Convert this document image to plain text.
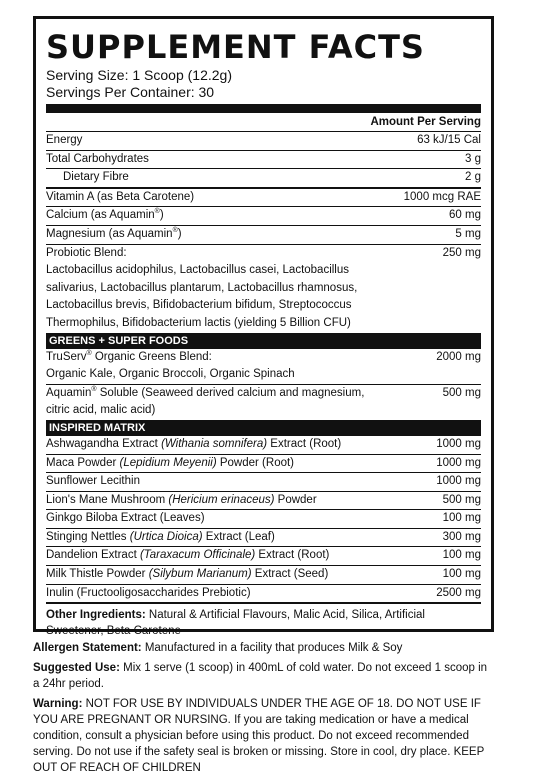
SUPPLEMENT FACTS
Serving Size: 1 Scoop (12.2g)
Servings Per Container: 30
Amount Per Serving
Energy	63 kJ/15 Cal
Total Carbohydrates	3 g
Dietary Fibre	2 g
Vitamin A (as Beta Carotene)	1000 mcg RAE
Calcium (as Aquamin®)	60 mg
Magnesium (as Aquamin®)	5 mg
Probiotic Blend:	250 mg
Lactobacillus acidophilus, Lactobacillus casei, Lactobacillus
salivarius, Lactobacillus plantarum, Lactobacillus rhamnosus,
Lactobacillus brevis, Bifidobacterium bifidum, Streptococcus
Thermophilus, Bifidobacterium lactis (yielding 5 Billion CFU)
GREENS + SUPER FOODS
TruServ® Organic Greens Blend:	2000 mg
Organic Kale, Organic Broccoli, Organic Spinach
Aquamin® Soluble (Seaweed derived calcium and magnesium,	500 mg
citric acid, malic acid)
INSPIRED MATRIX
Ashwagandha Extract (Withania somnifera) Extract (Root)	1000 mg
Maca Powder (Lepidium Meyenii) Powder (Root)	1000 mg
Sunflower Lecithin	1000 mg
Lion's Mane Mushroom (Hericium erinaceus) Powder	500 mg
Ginkgo Biloba Extract (Leaves)	100 mg
Stinging Nettles (Urtica Dioica) Extract (Leaf)	300 mg
Dandelion Extract (Taraxacum Officinale) Extract (Root)	100 mg
Milk Thistle Powder (Silybum Marianum) Extract (Seed)	100 mg
Inulin (Fructooligosaccharides Prebiotic)	2500 mg
Other Ingredients: Natural & Artificial Flavours, Malic Acid, Silica, Artificial Sweetener, Beta Carotene
Allergen Statement: Manufactured in a facility that produces Milk & Soy
Suggested Use: Mix 1 serve (1 scoop) in 400mL of cold water. Do not exceed 1 scoop in a 24hr period.
Warning: NOT FOR USE BY INDIVIDUALS UNDER THE AGE OF 18. DO NOT USE IF YOU ARE PREGNANT OR NURSING. If you are taking medication or have a medical condition, consult a physician before using this product. Do not exceed recommended serving. Do not use if the safety seal is broken or missing. Store in cool, dry place. KEEP OUT OF REACH OF CHILDREN
